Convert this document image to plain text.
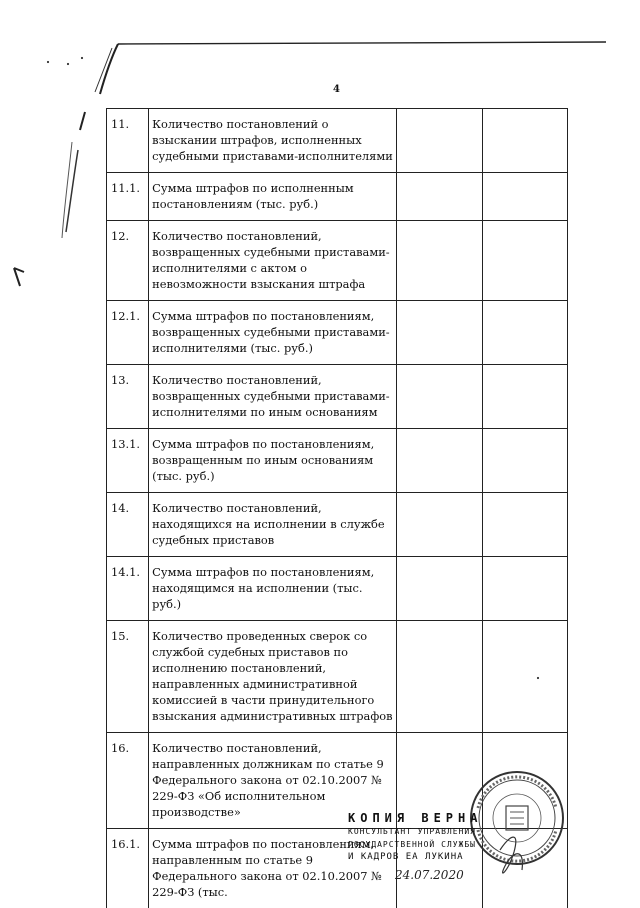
4
11.	Количество постановлений о взыскании штрафов, исполненных судебными приставами-исполнителями		
11.1.	Сумма штрафов по исполненным постановлениям (тыс. руб.)		
12.	Количество постановлений, возвращенных судебными приставами-исполнителями с актом о невозможности взыскания штрафа		
12.1.	Сумма штрафов по постановлениям, возвращенных судебными приставами-исполнителями (тыс. руб.)		
13.	Количество постановлений, возвращенных судебными приставами-исполнителями по иным основаниям		
13.1.	Сумма штрафов по постановлениям, возвращенным по иным основаниям (тыс. руб.)		
14.	Количество постановлений, находящихся на исполнении в службе судебных приставов		
14.1.	Сумма штрафов по постановлениям, находящимся на исполнении (тыс. руб.)		
15.	Количество проведенных сверок со службой судебных приставов по исполнению постановлений, направленных административной комиссией в части принудительного взыскания административных штрафов		
16.	Количество постановлений, направленных должникам по статье 9 Федерального закона от 02.10.2007 № 229-ФЗ «Об исполнительном производстве»		
16.1.	Сумма штрафов по постановлениям, направленным по статье 9 Федерального закона от 02.10.2007 № 229-ФЗ (тыс.		
КОПИЯ ВЕРНА
КОНСУЛЬТАНТ УПРАВЛЕНИЯ
ГОСУДАРСТВЕННОЙ СЛУЖБЫ
И КАДРОВ ЕА ЛУКИНА
24.07.2020
